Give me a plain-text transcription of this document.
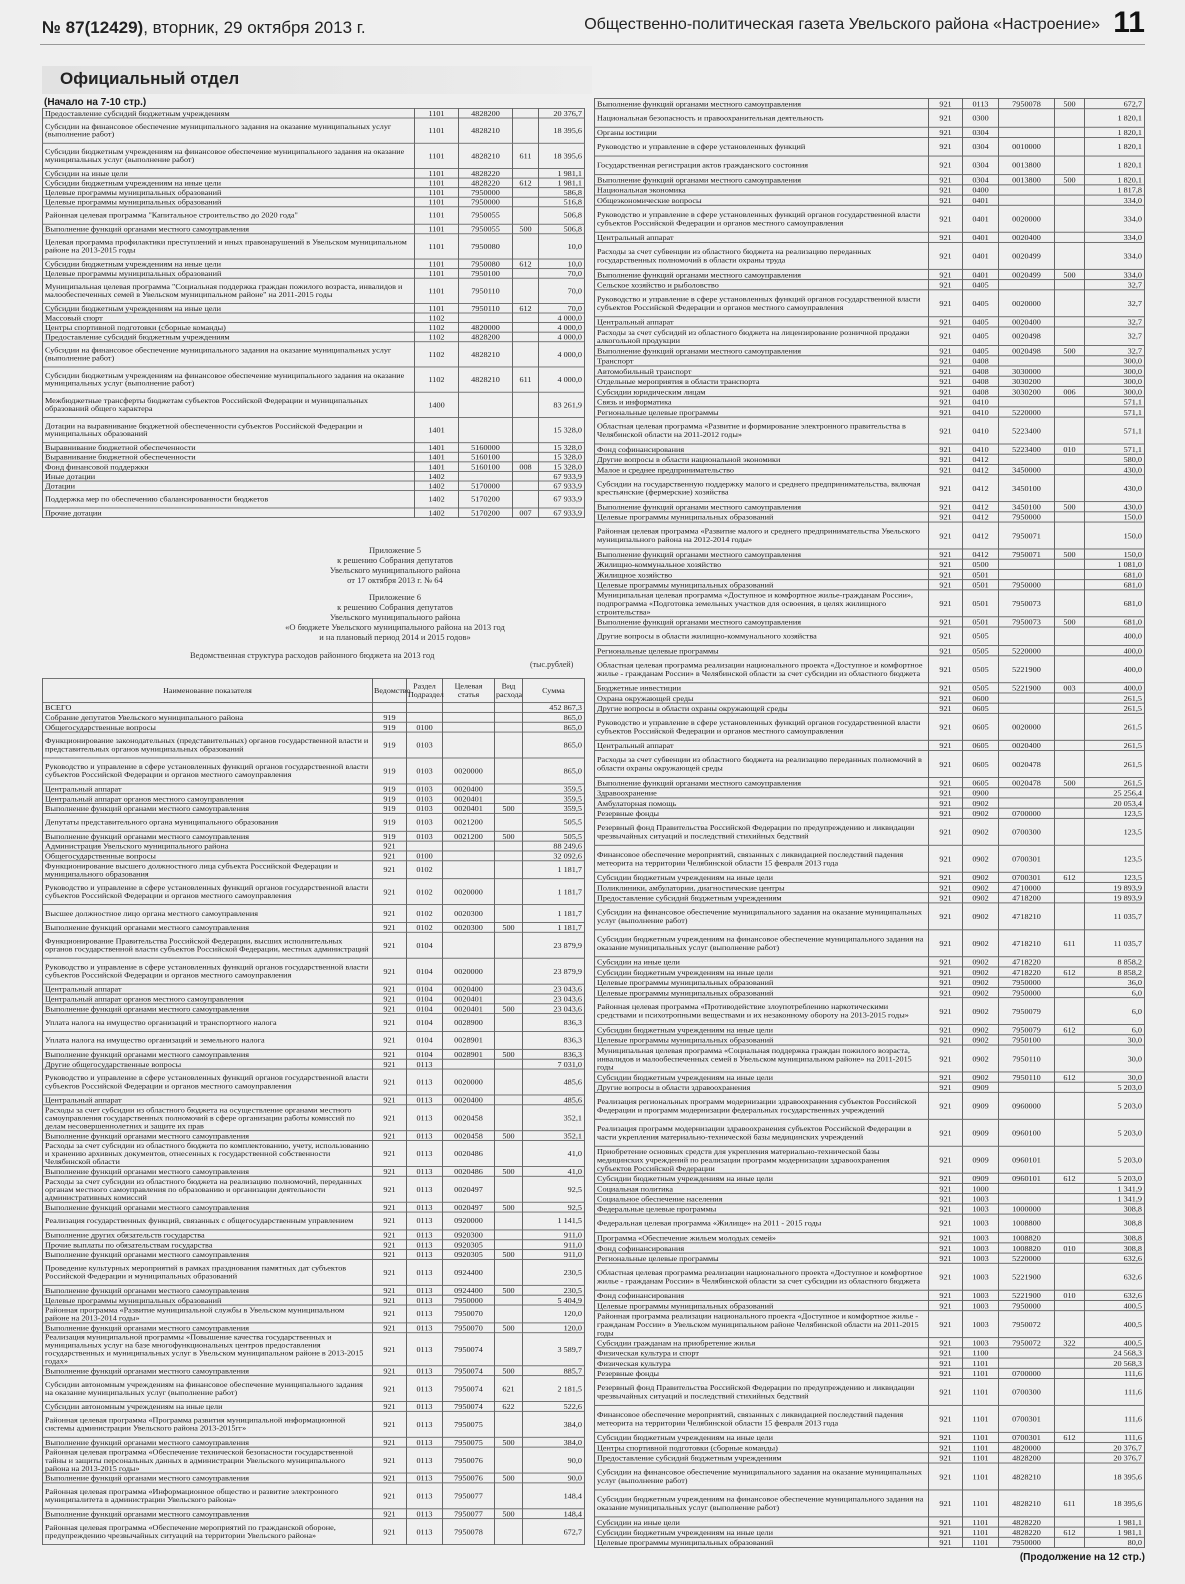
№ 87(12429), вторник, 29 октября 2013 г.	Общественно-политическая газета Увельского района «Настроение» 11
Официальный отдел
(Начало на 7-10 стр.)
Предоставление субсидий бюджетным учреждениям	1101	4828200		20 376,7
Субсидии на финансовое обеспечение муниципального задания на оказание муниципальных услуг (выполнение работ)	1101	4828210		18 395,6
Субсидии бюджетным учреждениям на финансовое обеспечение муниципального задания на оказание муниципальных услуг (выполнение работ)	1101	4828210	611	18 395,6
Субсидии на иные цели	1101	4828220		1 981,1
Субсидии бюджетным учреждениям на иные цели	1101	4828220	612	1 981,1
Целевые программы муниципальных образований	1101	7950000		586,8
Целевые программы муниципальных образований	1101	7950000		516,8
Районная целевая программа "Капитальное строительство до 2020 года"	1101	7950055		506,8
Выполнение функций органами местного самоуправления	1101	7950055	500	506,8
Целевая программа профилактики преступлений и иных правонарушений в Увельском муниципальном районе на 2013-2015 годы	1101	7950080		10,0
Субсидии бюджетным учреждениям на иные цели	1101	7950080	612	10,0
Целевые программы муниципальных образований	1101	7950100		70,0
Муниципальная целевая программа "Социальная поддержка граждан пожилого возраста, инвалидов и малообеспеченных семей в Увельском муниципальном районе" на 2011-2015 годы	1101	7950110		70,0
Субсидии бюджетным учреждениям на иные цели	1101	7950110	612	70,0
Массовый спорт	1102			4 000,0
Центры спортивной подготовки (сборные команды)	1102	4820000		4 000,0
Предоставление субсидий бюджетным учреждениям	1102	4828200		4 000,0
Субсидии на финансовое обеспечение муниципального задания на оказание муниципальных услуг (выполнение работ)	1102	4828210		4 000,0
Субсидии бюджетным учреждениям на финансовое обеспечение муниципального задания на оказание муниципальных услуг (выполнение работ)	1102	4828210	611	4 000,0
Межбюджетные трансферты бюджетам субъектов Российской Федерации и муниципальных образований общего характера	1400			83 261,9
Дотации на выравнивание бюджетной обеспеченности субъектов Российской Федерации и муниципальных образований	1401			15 328,0
Выравнивание бюджетной обеспеченности	1401	5160000		15 328,0
Выравнивание бюджетной обеспеченности	1401	5160100		15 328,0
Фонд финансовой поддержки	1401	5160100	008	15 328,0
Иные дотации	1402			67 933,9
Дотации	1402	5170000		67 933,9
Поддержка мер по обеспечению сбалансированности бюджетов	1402	5170200		67 933,9
Прочие дотации	1402	5170200	007	67 933,9
Приложение 5
к решению Собрания депутатов
Увельского муниципального района
от 17 октября 2013 г. № 64
Приложение 6
к решению Собрания депутатов
Увельского муниципального района
«О бюджете Увельского муниципального района на 2013 год
и на плановый период 2014 и 2015 годов»
Ведомственная структура расходов районного бюджета на 2013 год
(тыс.рублей)
Наименование показателя	Ведомство	Раздел Подраздел	Целевая статья	Вид расхода	Сумма
ВСЕГО					452 867,3
Собрание депутатов Увельского муниципального района	919				865,0
Общегосударственные вопросы	919	0100			865,0
Функционирование законодательных (представительных) органов государственной власти и представительных органов муниципальных образований	919	0103			865,0
Руководство и управление в сфере установленных функций органов государственной власти субъектов Российской Федерации и органов местного самоуправления	919	0103	0020000		865,0
Центральный аппарат	919	0103	0020400		359,5
Центральный аппарат органов местного самоуправления	919	0103	0020401		359,5
Выполнение функций органами местного самоуправления	919	0103	0020401	500	359,5
Депутаты представительного органа муниципального образования	919	0103	0021200		505,5
Выполнение функций органами местного самоуправления	919	0103	0021200	500	505,5
Администрация Увельского муниципального района	921				88 249,6
Общегосударственные вопросы	921	0100			32 092,6
Функционирование высшего должностного лица субъекта Российской Федерации и муниципального образования	921	0102			1 181,7
Руководство и управление в сфере установленных функций органов государственной власти субъектов Российской Федерации и органов местного самоуправления	921	0102	0020000		1 181,7
Высшее должностное лицо органа местного самоуправления	921	0102	0020300		1 181,7
Выполнение функций органами местного самоуправления	921	0102	0020300	500	1 181,7
Функционирование Правительства Российской Федерации, высших исполнительных органов государственной власти субъектов Российской Федерации, местных администраций	921	0104			23 879,9
Руководство и управление в сфере установленных функций органов государственной власти субъектов Российской Федерации и органов местного самоуправления	921	0104	0020000		23 879,9
Центральный аппарат	921	0104	0020400		23 043,6
Центральный аппарат органов местного самоуправления	921	0104	0020401		23 043,6
Выполнение функций органами местного самоуправления	921	0104	0020401	500	23 043,6
Уплата налога на имущество организаций и транспортного налога	921	0104	0028900		836,3
Уплата налога на имущество организаций и земельного налога	921	0104	0028901		836,3
Выполнение функций органами местного самоуправления	921	0104	0028901	500	836,3
Другие общегосударственные вопросы	921	0113			7 031,0
Руководство и управление в сфере установленных функций органов государственной власти субъектов Российской Федерации и органов местного самоуправления	921	0113	0020000		485,6
Центральный аппарат	921	0113	0020400		485,6
Расходы за счет субсидии из областного бюджета на осуществление органами местного самоуправления государственных полномочий в сфере организации работы комиссий по делам несовершеннолетних и защите их прав	921	0113	0020458		352,1
Выполнение функций органами местного самоуправления	921	0113	0020458	500	352,1
Расходы за счет субсидии из областного бюджета по комплектованию, учету, использованию и хранению архивных документов, отнесенных к государственной собственности Челябинской области	921	0113	0020486		41,0
Выполнение функций органами местного самоуправления	921	0113	0020486	500	41,0
Расходы за счет субсидии из областного бюджета на реализацию полномочий, переданных органам местного самоуправления по образованию и организации деятельности административных комиссий	921	0113	0020497		92,5
Выполнение функций органами местного самоуправления	921	0113	0020497	500	92,5
Реализация государственных функций, связанных с общегосударственным управлением	921	0113	0920000		1 141,5
Выполнение других обязательств государства	921	0113	0920300		911,0
Прочие выплаты по обязательствам государства	921	0113	0920305		911,0
Выполнение функций органами местного самоуправления	921	0113	0920305	500	911,0
Проведение культурных мероприятий в рамках празднования памятных дат субъектов Российской Федерации и муниципальных образований	921	0113	0924400		230,5
Выполнение функций органами местного самоуправления	921	0113	0924400	500	230,5
Целевые программы муниципальных образований	921	0113	7950000		5 404,9
Районная программа «Развитие муниципальной службы в Увельском муниципальном районе на 2013-2014 годы»	921	0113	7950070		120,0
Выполнение функций органами местного самоуправления	921	0113	7950070	500	120,0
Реализация муниципальной программы «Повышение качества государственных и муниципальных услуг на базе многофункциональных центров предоставления государственных и муниципальных услуг в Увельском муниципальном районе в 2013-2015 годах»	921	0113	7950074		3 589,7
Выполнение функций органами местного самоуправления	921	0113	7950074	500	885,7
Субсидии автономным учреждениям на финансовое обеспечение муниципального задания на оказание муниципальных услуг (выполнение работ)	921	0113	7950074	621	2 181,5
Субсидии автономным учреждениям на иные цели	921	0113	7950074	622	522,6
Районная целевая программа «Программа развития муниципальной информационной системы администрации Увельского района 2013-2015гг»	921	0113	7950075		384,0
Выполнение функций органами местного самоуправления	921	0113	7950075	500	384,0
Районная целевая программа «Обеспечение технической безопасности государственной тайны и защиты персональных данных в администрации Увельского муниципального района на 2013-2015 годы»	921	0113	7950076		90,0
Выполнение функций органами местного самоуправления	921	0113	7950076	500	90,0
Районная целевая программа «Информационное общество и развитие электронного муниципалитета в администрации Увельского района»	921	0113	7950077		148,4
Выполнение функций органами местного самоуправления	921	0113	7950077	500	148,4
Районная целевая программа «Обеспечение мероприятий по гражданской обороне, предупреждению чрезвычайных ситуаций на территории Увельского района»	921	0113	7950078		672,7
Выполнение функций органами местного самоуправления	921	0113	7950078	500	672,7
Национальная безопасность и правоохранительная деятельность	921	0300			1 820,1
Органы юстиции	921	0304			1 820,1
Руководство и управление в сфере установленных функций	921	0304	0010000		1 820,1
Государственная регистрация актов гражданского состояния	921	0304	0013800		1 820,1
Выполнение функций органами местного самоуправления	921	0304	0013800	500	1 820,1
Национальная экономика	921	0400			1 817,8
Общеэкономические вопросы	921	0401			334,0
Руководство и управление в сфере установленных функций органов государственной власти субъектов Российской Федерации и органов местного самоуправления	921	0401	0020000		334,0
Центральный аппарат	921	0401	0020400		334,0
Расходы за счет субвенции из областного бюджета на реализацию переданных государственных полномочий в области охраны труда	921	0401	0020499		334,0
Выполнение функций органами местного самоуправления	921	0401	0020499	500	334,0
Сельское хозяйство и рыболовство	921	0405			32,7
Руководство и управление в сфере установленных функций органов государственной власти субъектов Российской Федерации и органов местного самоуправления	921	0405	0020000		32,7
Центральный аппарат	921	0405	0020400		32,7
Расходы за счет субсидий из областного бюджета на лицензирование розничной продажи алкогольной продукции	921	0405	0020498		32,7
Выполнение функций органами местного самоуправления	921	0405	0020498	500	32,7
Транспорт	921	0408			300,0
Автомобильный транспорт	921	0408	3030000		300,0
Отдельные мероприятия в области транспорта	921	0408	3030200		300,0
Субсидии юридическим лицам	921	0408	3030200	006	300,0
Связь и информатика	921	0410			571,1
Региональные целевые программы	921	0410	5220000		571,1
Областная целевая программа «Развитие и формирование электронного правительства в Челябинской области на 2011-2012 годы»	921	0410	5223400		571,1
Фонд софинансирования	921	0410	5223400	010	571,1
Другие вопросы в области национальной экономики	921	0412			580,0
Малое и среднее предпринимательство	921	0412	3450000		430,0
Субсидии на государственную поддержку малого и среднего предпринимательства, включая крестьянские (фермерские) хозяйства	921	0412	3450100		430,0
Выполнение функций органами местного самоуправления	921	0412	3450100	500	430,0
Целевые программы муниципальных образований	921	0412	7950000		150,0
Районная целевая программа «Развитие малого и среднего предпринимательства Увельского муниципального района на 2012-2014 годы»	921	0412	7950071		150,0
Выполнение функций органами местного самоуправления	921	0412	7950071	500	150,0
Жилищно-коммунальное хозяйство	921	0500			1 081,0
Жилищное хозяйство	921	0501			681,0
Целевые программы муниципальных образований	921	0501	7950000		681,0
Муниципальная целевая программа «Доступное и комфортное жилье-гражданам России», подпрограмма «Подготовка земельных участков для освоения, в целях жилищного строительства»	921	0501	7950073		681,0
Выполнение функций органами местного самоуправления	921	0501	7950073	500	681,0
Другие вопросы в области жилищно-коммунального хозяйства	921	0505			400,0
Региональные целевые программы	921	0505	5220000		400,0
Областная целевая программа реализации национального проекта «Доступное и комфортное жилье - гражданам России» в Челябинской области за счет субсидии из областного бюджета	921	0505	5221900		400,0
Бюджетные инвестиции	921	0505	5221900	003	400,0
Охрана окружающей среды	921	0600			261,5
Другие вопросы в области охраны окружающей среды	921	0605			261,5
Руководство и управление в сфере установленных функций органов государственной власти субъектов Российской Федерации и органов местного самоуправления	921	0605	0020000		261,5
Центральный аппарат	921	0605	0020400		261,5
Расходы за счет субвенции из областного бюджета на реализацию переданных полномочий в области охраны окружающей среды	921	0605	0020478		261,5
Выполнение функций органами местного самоуправления	921	0605	0020478	500	261,5
Здравоохранение	921	0900			25 256,4
Амбулаторная помощь	921	0902			20 053,4
Резервные фонды	921	0902	0700000		123,5
Резервный фонд Правительства Российской Федерации по предупреждению и ликвидации чрезвычайных ситуаций и последствий стихийных бедствий	921	0902	0700300		123,5
Финансовое обеспечение мероприятий, связанных с ликвидацией последствий падения метеорита на территории Челябинской области 15 февраля 2013 года	921	0902	0700301		123,5
Субсидии бюджетным учреждениям на иные цели	921	0902	0700301	612	123,5
Поликлиники, амбулатории, диагностические центры	921	0902	4710000		19 893,9
Предоставление субсидий бюджетным учреждениям	921	0902	4718200		19 893,9
Субсидии на финансовое обеспечение муниципального задания на оказание муниципальных услуг (выполнение работ)	921	0902	4718210		11 035,7
Субсидии бюджетным учреждениям на финансовое обеспечение муниципального задания на оказание муниципальных услуг (выполнение работ)	921	0902	4718210	611	11 035,7
Субсидии на иные цели	921	0902	4718220		8 858,2
Субсидии бюджетным учреждениям на иные цели	921	0902	4718220	612	8 858,2
Целевые программы муниципальных образований	921	0902	7950000		36,0
Целевые программы муниципальных образований	921	0902	7950000		6,0
Районная целевая программа «Противодействие злоупотреблению наркотическими средствами и психотропными веществами и их незаконному обороту на 2013-2015 годы»	921	0902	7950079		6,0
Субсидии бюджетным учреждениям на иные цели	921	0902	7950079	612	6,0
Целевые программы муниципальных образований	921	0902	7950100		30,0
Муниципальная целевая программа «Социальная поддержка граждан пожилого возраста, инвалидов и малообеспеченных семей в Увельском муниципальном районе» на 2011-2015 годы	921	0902	7950110		30,0
Субсидии бюджетным учреждениям на иные цели	921	0902	7950110	612	30,0
Другие вопросы в области здравоохранения	921	0909			5 203,0
Реализация региональных программ модернизации здравоохранения субъектов Российской Федерации и программ модернизации федеральных государственных учреждений	921	0909	0960000		5 203,0
Реализация программ модернизации здравоохранения субъектов Российской Федерации в части укрепления материально-технической базы медицинских учреждений	921	0909	0960100		5 203,0
Приобретение основных средств для укрепления материально-технической базы медицинских учреждений по реализации программ модернизации здравоохранения субъектов Российской Федерации	921	0909	0960101		5 203,0
Субсидии бюджетным учреждениям на иные цели	921	0909	0960101	612	5 203,0
Социальная политика	921	1000			1 341,9
Социальное обеспечение населения	921	1003			1 341,9
Федеральные целевые программы	921	1003	1000000		308,8
Федеральная целевая программа «Жилище» на 2011 - 2015 годы	921	1003	1008800		308,8
Программа «Обеспечение жильем молодых семей»	921	1003	1008820		308,8
Фонд софинансирования	921	1003	1008820	010	308,8
Региональные целевые программы	921	1003	5220000		632,6
Областная целевая программа реализации национального проекта «Доступное и комфортное жилье - гражданам России» в Челябинской области за счет субсидии из областного бюджета	921	1003	5221900		632,6
Фонд софинансирования	921	1003	5221900	010	632,6
Целевые программы муниципальных образований	921	1003	7950000		400,5
Районная программа реализации национального проекта «Доступное и комфортное жилье - гражданам России» в Увельском муниципальном районе Челябинской области на 2011-2015 годы	921	1003	7950072		400,5
Субсидии гражданам на приобретение жилья	921	1003	7950072	322	400,5
Физическая культура и спорт	921	1100			24 568,3
Физическая культура	921	1101			20 568,3
Резервные фонды	921	1101	0700000		111,6
Резервный фонд Правительства Российской Федерации по предупреждению и ликвидации чрезвычайных ситуаций и последствий стихийных бедствий	921	1101	0700300		111,6
Финансовое обеспечение мероприятий, связанных с ликвидацией последствий падения метеорита на территории Челябинской области 15 февраля 2013 года	921	1101	0700301		111,6
Субсидии бюджетным учреждениям на иные цели	921	1101	0700301	612	111,6
Центры спортивной подготовки (сборные команды)	921	1101	4820000		20 376,7
Предоставление субсидий бюджетным учреждениям	921	1101	4828200		20 376,7
Субсидии на финансовое обеспечение муниципального задания на оказание муниципальных услуг (выполнение работ)	921	1101	4828210		18 395,6
Субсидии бюджетным учреждениям на финансовое обеспечение муниципального задания на оказание муниципальных услуг (выполнение работ)	921	1101	4828210	611	18 395,6
Субсидии на иные цели	921	1101	4828220		1 981,1
Субсидии бюджетным учреждениям на иные цели	921	1101	4828220	612	1 981,1
Целевые программы муниципальных образований	921	1101	7950000		80,0
(Продолжение на 12 стр.)
